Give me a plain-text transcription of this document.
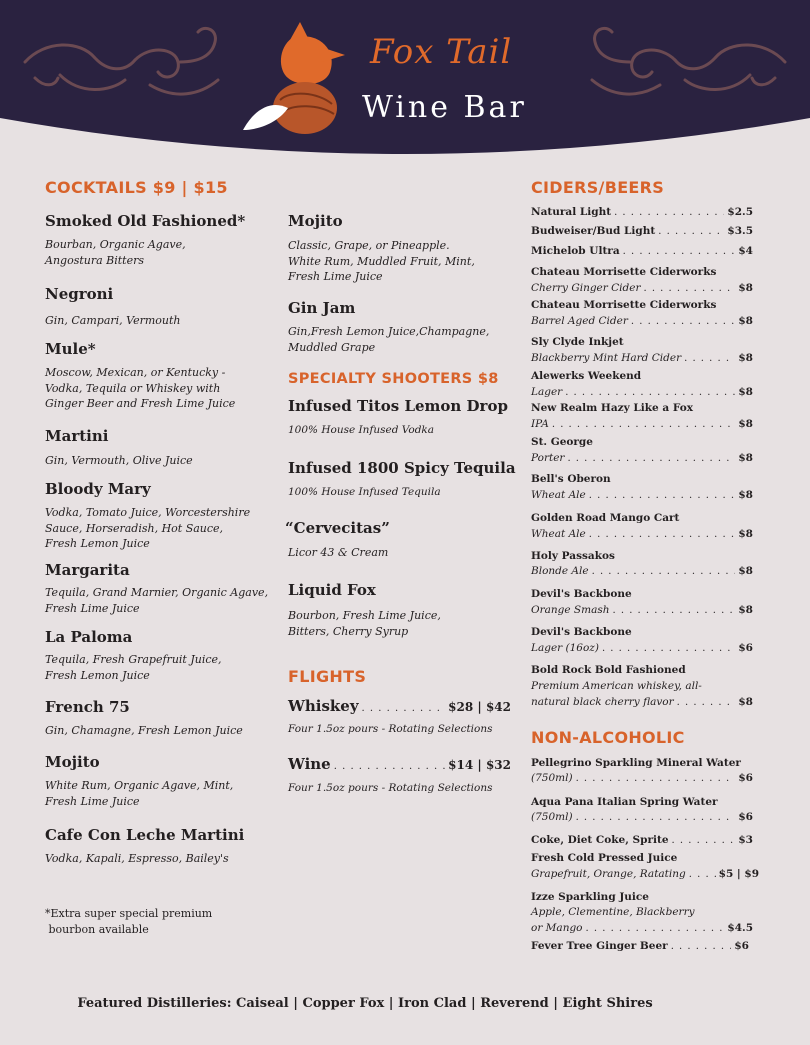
Fox Tail
Wine Bar
COCKTAILS $9 | $15
Smoked Old Fashioned*
Bourban, Organic Agave,
Angostura Bitters
Negroni
Gin, Campari, Vermouth
Mule*
Moscow, Mexican, or Kentucky -
Vodka, Tequila or Whiskey with
Ginger Beer and Fresh Lime Juice
Martini
Gin, Vermouth, Olive Juice
Bloody Mary
Vodka, Tomato Juice, Worcestershire
Sauce, Horseradish, Hot Sauce,
Fresh Lemon Juice
Margarita
Tequila, Grand Marnier, Organic Agave,
Fresh Lime Juice
La Paloma
Tequila, Fresh Grapefruit Juice,
Fresh Lemon Juice
French 75
Gin, Chamagne, Fresh Lemon Juice
Mojito
White Rum, Organic Agave, Mint,
Fresh Lime Juice
Cafe Con Leche Martini
Vodka, Kapali, Espresso, Bailey's

*Extra super special premium
bourbon available

Mojito
Classic, Grape, or Pineapple.
White Rum, Muddled Fruit, Mint,
Fresh Lime Juice
Gin Jam
Gin,Fresh Lemon Juice,Champagne,
Muddled Grape
SPECIALTY SHOOTERS $8
Infused Titos Lemon Drop
100% House Infused Vodka
Infused 1800 Spicy Tequila
100% House Infused Tequila
“Cervecitas”
Licor 43 & Cream
Liquid Fox
Bourbon, Fresh Lime Juice,
Bitters, Cherry Syrup
FLIGHTS
Whiskey . . .	$28 | $42
Four 1.5oz pours - Rotating Selections
Wine . . .	$14 | $32
Four 1.5oz pours - Rotating Selections
CIDERS/BEERS
Natural Light . . .	$2.5
Budweiser/Bud Light . . .	$3.5
Michelob Ultra . . .	$4
Chateau Morrisette Ciderworks
Cherry Ginger Cider . . .	$8
Chateau Morrisette Ciderworks
Barrel Aged Cider . . .	$8
Sly Clyde Inkjet
Blackberry Mint Hard Cider . . .	$8
Alewerks Weekend
Lager . . .	$8
New Realm Hazy Like a Fox
IPA . . .	$8
St. George
Porter . . .	$8
Bell's Oberon
Wheat Ale . . .	$8
Golden Road Mango Cart
Wheat Ale . . .	$8
Holy Passakos
Blonde Ale . . .	$8
Devil's Backbone
Orange Smash . . .	$8
Devil's Backbone
Lager (16oz) . . .	$6
Bold Rock Bold Fashioned
Premium American whiskey, all-
natural black cherry flavor . . .	$8
NON-ALCOHOLIC
Pellegrino Sparkling Mineral Water
(750ml) . . .	$6
Aqua Pana Italian Spring Water
(750ml) . . .	$6
Coke, Diet Coke, Sprite . . .	$3
Fresh Cold Pressed Juice
Grapefruit, Orange, Ratating . . .	$5 | $9
Izze Sparkling Juice
Apple, Clementine, Blackberry
or Mango . . .	$4.5
Fever Tree Ginger Beer . . .	$6
Featured Distilleries: Caiseal | Copper Fox | Iron Clad | Reverend | Eight Shires
